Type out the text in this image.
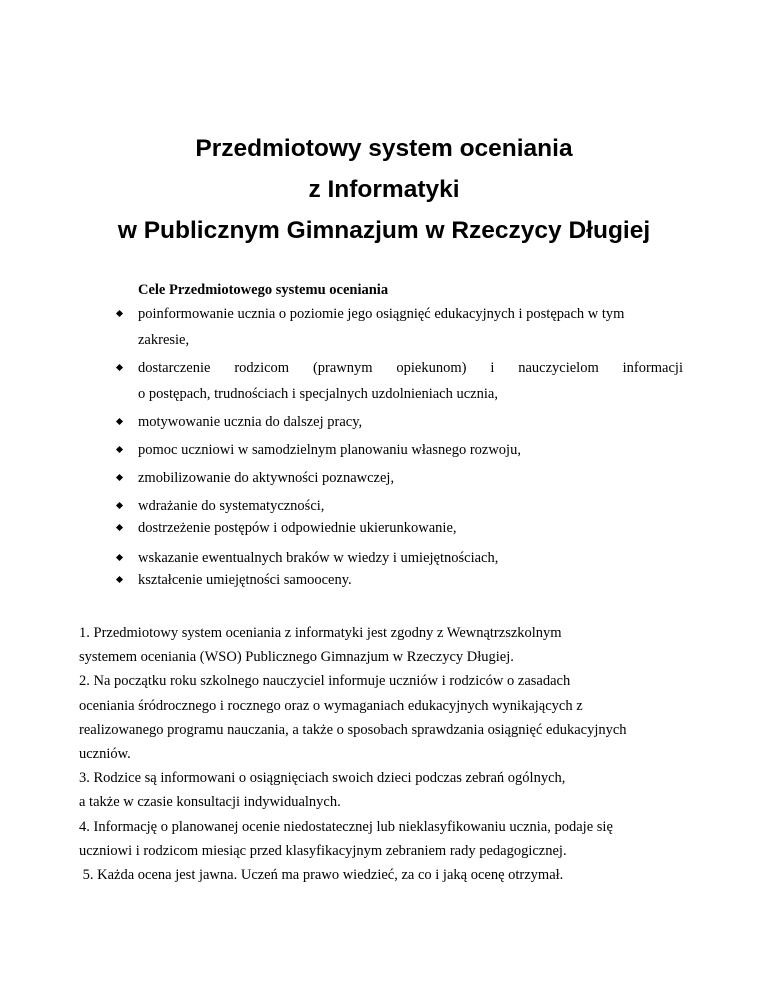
Przedmiotowy system oceniania
z Informatyki
w Publicznym Gimnazjum w Rzeczycy Długiej
Cele Przedmiotowego systemu oceniania
poinformowanie ucznia o poziomie jego osiągnięć edukacyjnych i postępach w tym
zakresie,
dostarczenie rodzicom (prawnym opiekunom) i nauczycielom informacji
o postępach, trudnościach i specjalnych uzdolnieniach ucznia,
motywowanie ucznia do dalszej pracy,
pomoc uczniowi w samodzielnym planowaniu własnego rozwoju,
zmobilizowanie do aktywności poznawczej,
wdrażanie do systematyczności,
dostrzeżenie postępów i odpowiednie ukierunkowanie,
wskazanie ewentualnych braków w wiedzy i umiejętnościach,
kształcenie umiejętności samooceny.

1. Przedmiotowy system oceniania z informatyki jest zgodny z Wewnątrzszkolnym

systemem oceniania (WSO) Publicznego Gimnazjum w Rzeczycy Długiej.

2. Na początku roku szkolnego nauczyciel informuje uczniów i rodziców o zasadach

oceniania śródrocznego i rocznego oraz o wymaganiach edukacyjnych wynikających z

realizowanego programu nauczania, a także o sposobach sprawdzania osiągnięć edukacyjnych

uczniów.

3. Rodzice są informowani o osiągnięciach swoich dzieci podczas zebrań ogólnych,

a także w czasie konsultacji indywidualnych.

4. Informację o planowanej ocenie niedostatecznej lub nieklasyfikowaniu ucznia, podaje się

uczniowi i rodzicom miesiąc przed klasyfikacyjnym zebraniem rady pedagogicznej.

5. Każda ocena jest jawna. Uczeń ma prawo wiedzieć, za co i jaką ocenę otrzymał.
